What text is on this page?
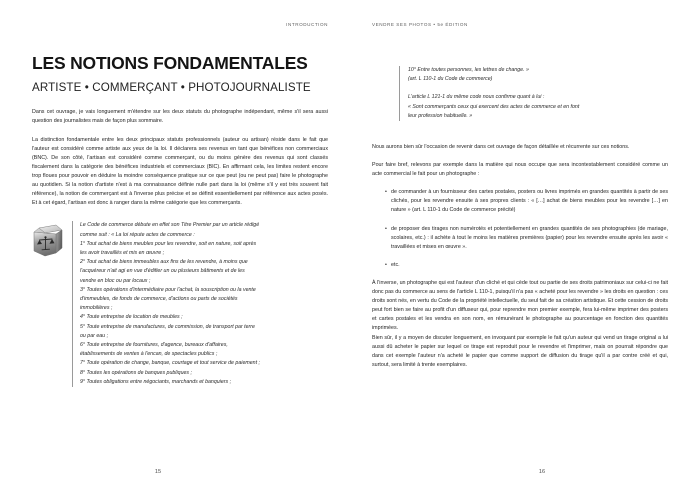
INTRODUCTION
LES NOTIONS FONDAMENTALES
ARTISTE • COMMERÇANT • PHOTOJOURNALISTE

Dans cet ouvrage, je vais longuement m'étendre sur les deux statuts du photographe indépendant, même s'il sera aussi question des journalistes mais de façon plus sommaire.

La distinction fondamentale entre les deux principaux statuts professionnels (auteur ou artisan) réside dans le fait que l'auteur est considéré comme artiste aux yeux de la loi. Il déclarera ses revenus en tant que bénéfices non commerciaux (BNC). De son côté, l'artisan est considéré comme commerçant, ou du moins génère des revenus qui sont classés fiscalement dans la catégorie des bénéfices industriels et commerciaux (BIC). En affirmant cela, les limites restent encore trop floues pour pouvoir en déduire la moindre conséquence pratique sur ce que peut (ou ne peut pas) faire le photographe au quotidien. Si la notion d'artiste n'est à ma connaissance définie nulle part dans la loi (même s'il y est très souvent fait référence), la notion de commerçant est à l'inverse plus précise et se définit essentiellement par référence aux actes posés. Et à cet égard, l'artisan est donc à ranger dans la même catégorie que les commerçants.

Le Code de commerce débute en effet son Titre Premier par un article rédigé

comme suit : « La loi répute actes de commerce :

1° Tout achat de biens meubles pour les revendre, soit en nature, soit après

les avoir travaillés et mis en œuvre ;

2° Tout achat de biens immeubles aux fins de les revendre, à moins que

l'acquéreur n'ait agi en vue d'édifier un ou plusieurs bâtiments et de les

vendre en bloc ou par locaux ;

3° Toutes opérations d'intermédiaire pour l'achat, la souscription ou la vente

d'immeubles, de fonds de commerce, d'actions ou parts de sociétés

immobilières ;

4° Toute entreprise de location de meubles ;

5° Toute entreprise de manufactures, de commission, de transport par terre

ou par eau ;

6° Toute entreprise de fournitures, d'agence, bureaux d'affaires,

établissements de ventes à l'encan, de spectacles publics ;

7° Toute opération de change, banque, courtage et tout service de paiement ;

8° Toutes les opérations de banques publiques ;

9° Toutes obligations entre négociants, marchands et banquiers ;

15
VENDRE SES PHOTOS • 5e ÉDITION

10° Entre toutes personnes, les lettres de change. »

(art. L 110-1 du Code de commerce)

L'article L 121-1 du même code nous confirme quant à lui :

« Sont commerçants ceux qui exercent des actes de commerce et en font

leur profession habituelle. »

Nous aurons bien sûr l'occasion de revenir dans cet ouvrage de façon détaillée et récurrente sur ces notions.

Pour faire bref, relevons par exemple dans la matière qui nous occupe que sera incontestablement considéré comme un acte commercial le fait pour un photographe :

• de commander à un fournisseur des cartes postales, posters ou livres imprimés en grandes quantités à partir de ses clichés, pour les revendre ensuite à ses propres clients : « […] achat de biens meubles pour les revendre […] en nature » (art. L 110-1 du Code de commerce précité)
• de proposer des tirages non numérotés et potentiellement en grandes quantités de ses photographies (de mariage, scolaires, etc.) : il achète à tout le moins les matières premières (papier) pour les revendre ensuite après les avoir « travaillées et mises en œuvre ».
• etc.

À l'inverse, un photographe qui est l'auteur d'un cliché et qui cède tout ou partie de ses droits patrimoniaux sur celui-ci ne fait donc pas du commerce au sens de l'article L 110-1, puisqu'il n'a pas « acheté pour les revendre » les droits en question : ces droits sont nés, en vertu du Code de la propriété intellectuelle, du seul fait de sa création artistique. Et cette cession de droits peut fort bien se faire au profit d'un diffuseur qui, pour reprendre mon premier exemple, fera lui-même imprimer des posters et cartes postales et les vendra en son nom, en rémunérant le photographe au pourcentage en fonction des quantités imprimées.

Bien sûr, il y a moyen de discuter longuement, en invoquant par exemple le fait qu'un auteur qui vend un tirage original a lui aussi dû acheter le papier sur lequel ce tirage est reproduit pour le revendre et l'imprimer, mais on pourrait répondre que dans cet exemple l'auteur n'a acheté le papier que comme support de diffusion du tirage qu'il a par contre créé et qui, surtout, sera limité à trente exemplaires.

16
